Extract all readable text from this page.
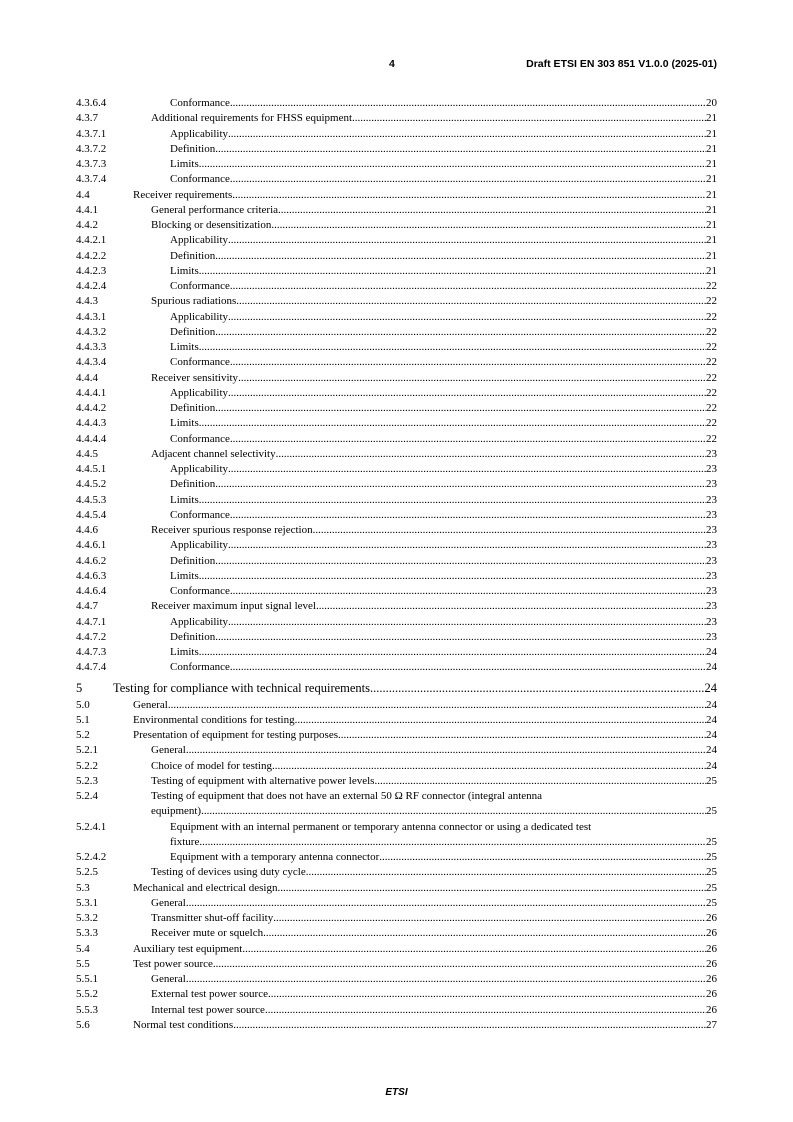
4	Draft ETSI EN 303 851 V1.0.0 (2025-01)
4.3.6.4	Conformance .....	20
4.3.7	Additional requirements for FHSS equipment .....	21
4.3.7.1	Applicability .....	21
4.3.7.2	Definition .....	21
4.3.7.3	Limits .....	21
4.3.7.4	Conformance .....	21
4.4	Receiver requirements .....	21
4.4.1	General performance criteria .....	21
4.4.2	Blocking or desensitization .....	21
4.4.2.1	Applicability .....	21
4.4.2.2	Definition .....	21
4.4.2.3	Limits .....	21
4.4.2.4	Conformance .....	22
4.4.3	Spurious radiations .....	22
4.4.3.1	Applicability .....	22
4.4.3.2	Definition .....	22
4.4.3.3	Limits .....	22
4.4.3.4	Conformance .....	22
4.4.4	Receiver sensitivity .....	22
4.4.4.1	Applicability .....	22
4.4.4.2	Definition .....	22
4.4.4.3	Limits .....	22
4.4.4.4	Conformance .....	22
4.4.5	Adjacent channel selectivity .....	23
4.4.5.1	Applicability .....	23
4.4.5.2	Definition .....	23
4.4.5.3	Limits .....	23
4.4.5.4	Conformance .....	23
4.4.6	Receiver spurious response rejection .....	23
4.4.6.1	Applicability .....	23
4.4.6.2	Definition .....	23
4.4.6.3	Limits .....	23
4.4.6.4	Conformance .....	23
4.4.7	Receiver maximum input signal level .....	23
4.4.7.1	Applicability .....	23
4.4.7.2	Definition .....	23
4.4.7.3	Limits .....	24
4.4.7.4	Conformance .....	24
5 Testing for compliance with technical requirements .....	24
5.0	General .....	24
5.1	Environmental conditions for testing .....	24
5.2	Presentation of equipment for testing purposes .....	24
5.2.1	General .....	24
5.2.2	Choice of model for testing .....	24
5.2.3	Testing of equipment with alternative power levels .....	25
5.2.4	Testing of equipment that does not have an external 50 Ω RF connector (integral antenna
equipment) .....	25
5.2.4.1	Equipment with an internal permanent or temporary antenna connector or using a dedicated test
fixture .....	25
5.2.4.2	Equipment with a temporary antenna connector .....	25
5.2.5	Testing of devices using duty cycle .....	25
5.3	Mechanical and electrical design .....	25
5.3.1	General .....	25
5.3.2	Transmitter shut-off facility .....	26
5.3.3	Receiver mute or squelch .....	26
5.4	Auxiliary test equipment .....	26
5.5	Test power source .....	26
5.5.1	General .....	26
5.5.2	External test power source .....	26
5.5.3	Internal test power source .....	26
5.6	Normal test conditions .....	27
ETSI
